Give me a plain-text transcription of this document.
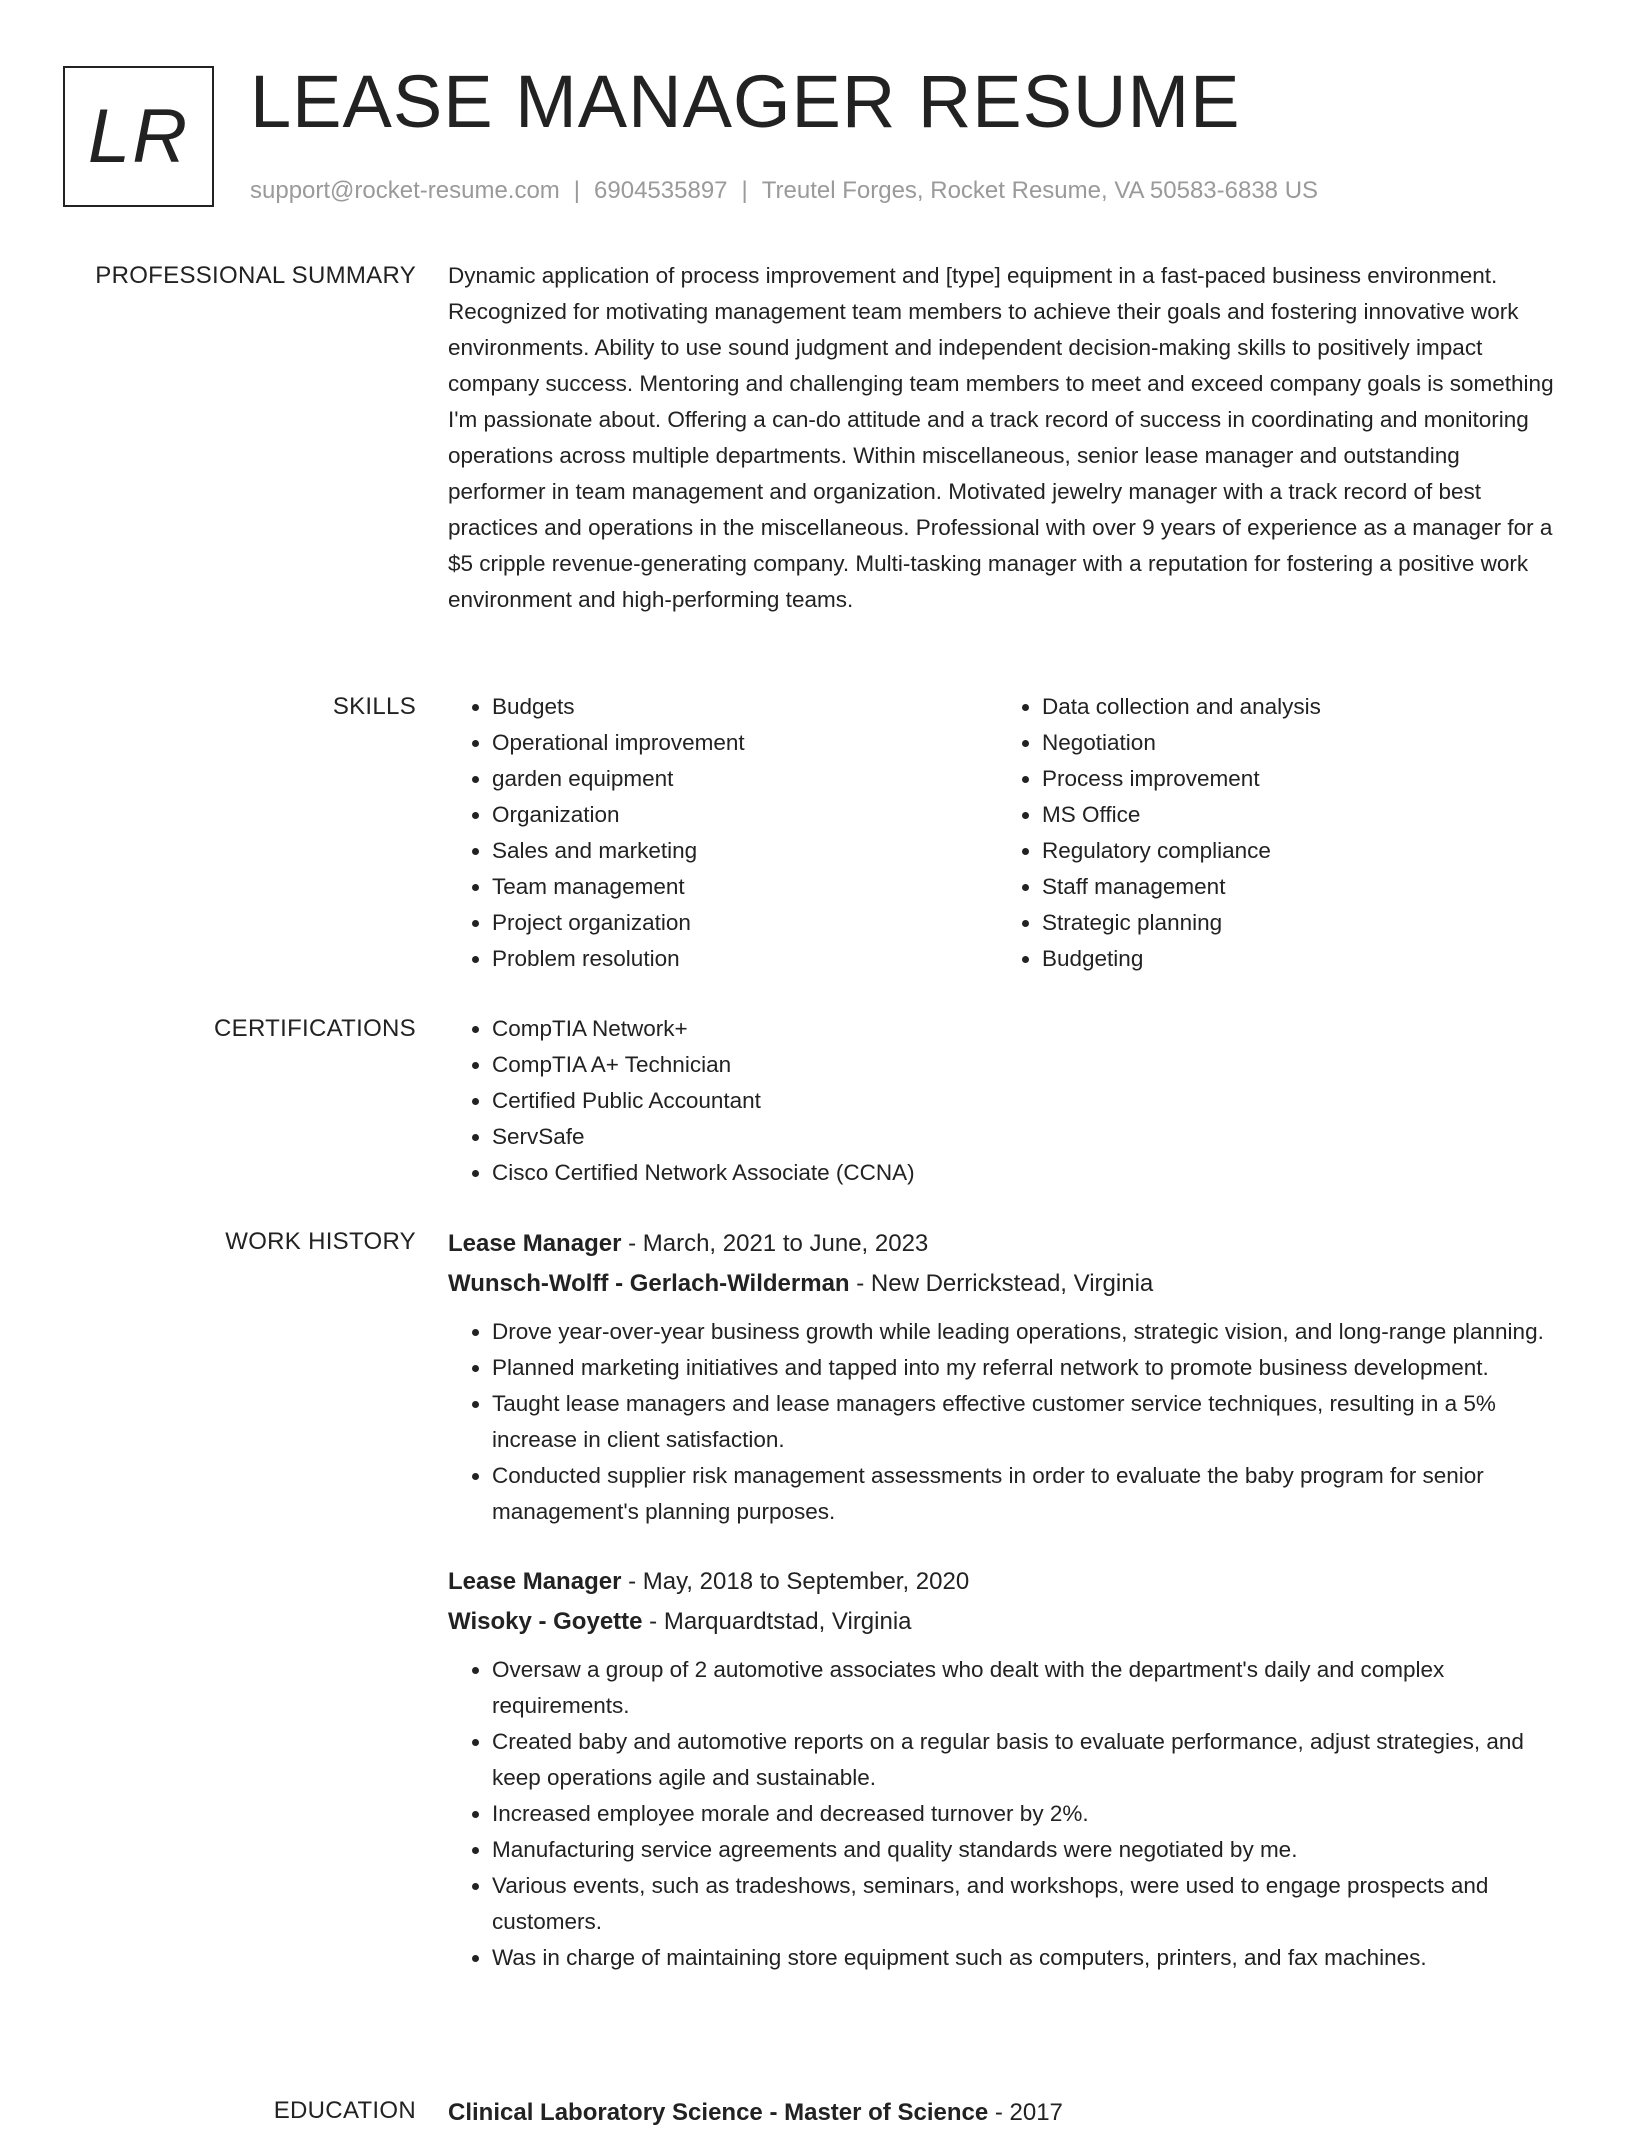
LR LEASE MANAGER RESUME
support@rocket-resume.com | 6904535897 | Treutel Forges, Rocket Resume, VA 50583-6838 US
PROFESSIONAL SUMMARY Dynamic application of process improvement and [type] equipment in a fast-paced business environment. Recognized for motivating management team members to achieve their goals and fostering innovative work environments. Ability to use sound judgment and independent decision-making skills to positively impact company success. Mentoring and challenging team members to meet and exceed company goals is something I'm passionate about. Offering a can-do attitude and a track record of success in coordinating and monitoring operations across multiple departments. Within miscellaneous, senior lease manager and outstanding performer in team management and organization. Motivated jewelry manager with a track record of best practices and operations in the miscellaneous. Professional with over 9 years of experience as a manager for a $5 cripple revenue-generating company. Multi-tasking manager with a reputation for fostering a positive work environment and high-performing teams.

SKILLS	• Budgets
• Operational improvement
• garden equipment
• Organization
• Sales and marketing
• Team management
• Project organization
• Problem resolution
• Data collection and analysis
• Negotiation
• Process improvement
• MS Office
• Regulatory compliance
• Staff management
• Strategic planning
• Budgeting
CERTIFICATIONS	• CompTIA Network+
• CompTIA A+ Technician
• Certified Public Accountant
• ServSafe
• Cisco Certified Network Associate (CCNA)
WORK HISTORY Lease Manager - March, 2021 to June, 2023
Wunsch-Wolff - Gerlach-Wilderman - New Derrickstead, Virginia
• Drove year-over-year business growth while leading operations, strategic vision, and long-range planning.
• Planned marketing initiatives and tapped into my referral network to promote business development.
• Taught lease managers and lease managers effective customer service techniques, resulting in a 5% increase in client satisfaction.
• Conducted supplier risk management assessments in order to evaluate the baby program for senior management's planning purposes.
Lease Manager - May, 2018 to September, 2020
Wisoky - Goyette - Marquardtstad, Virginia
• Oversaw a group of 2 automotive associates who dealt with the department's daily and complex requirements.
• Created baby and automotive reports on a regular basis to evaluate performance, adjust strategies, and keep operations agile and sustainable.
• Increased employee morale and decreased turnover by 2%.
• Manufacturing service agreements and quality standards were negotiated by me.
• Various events, such as tradeshows, seminars, and workshops, were used to engage prospects and customers.
• Was in charge of maintaining store equipment such as computers, printers, and fax machines.
EDUCATION Clinical Laboratory Science - Master of Science - 2017
